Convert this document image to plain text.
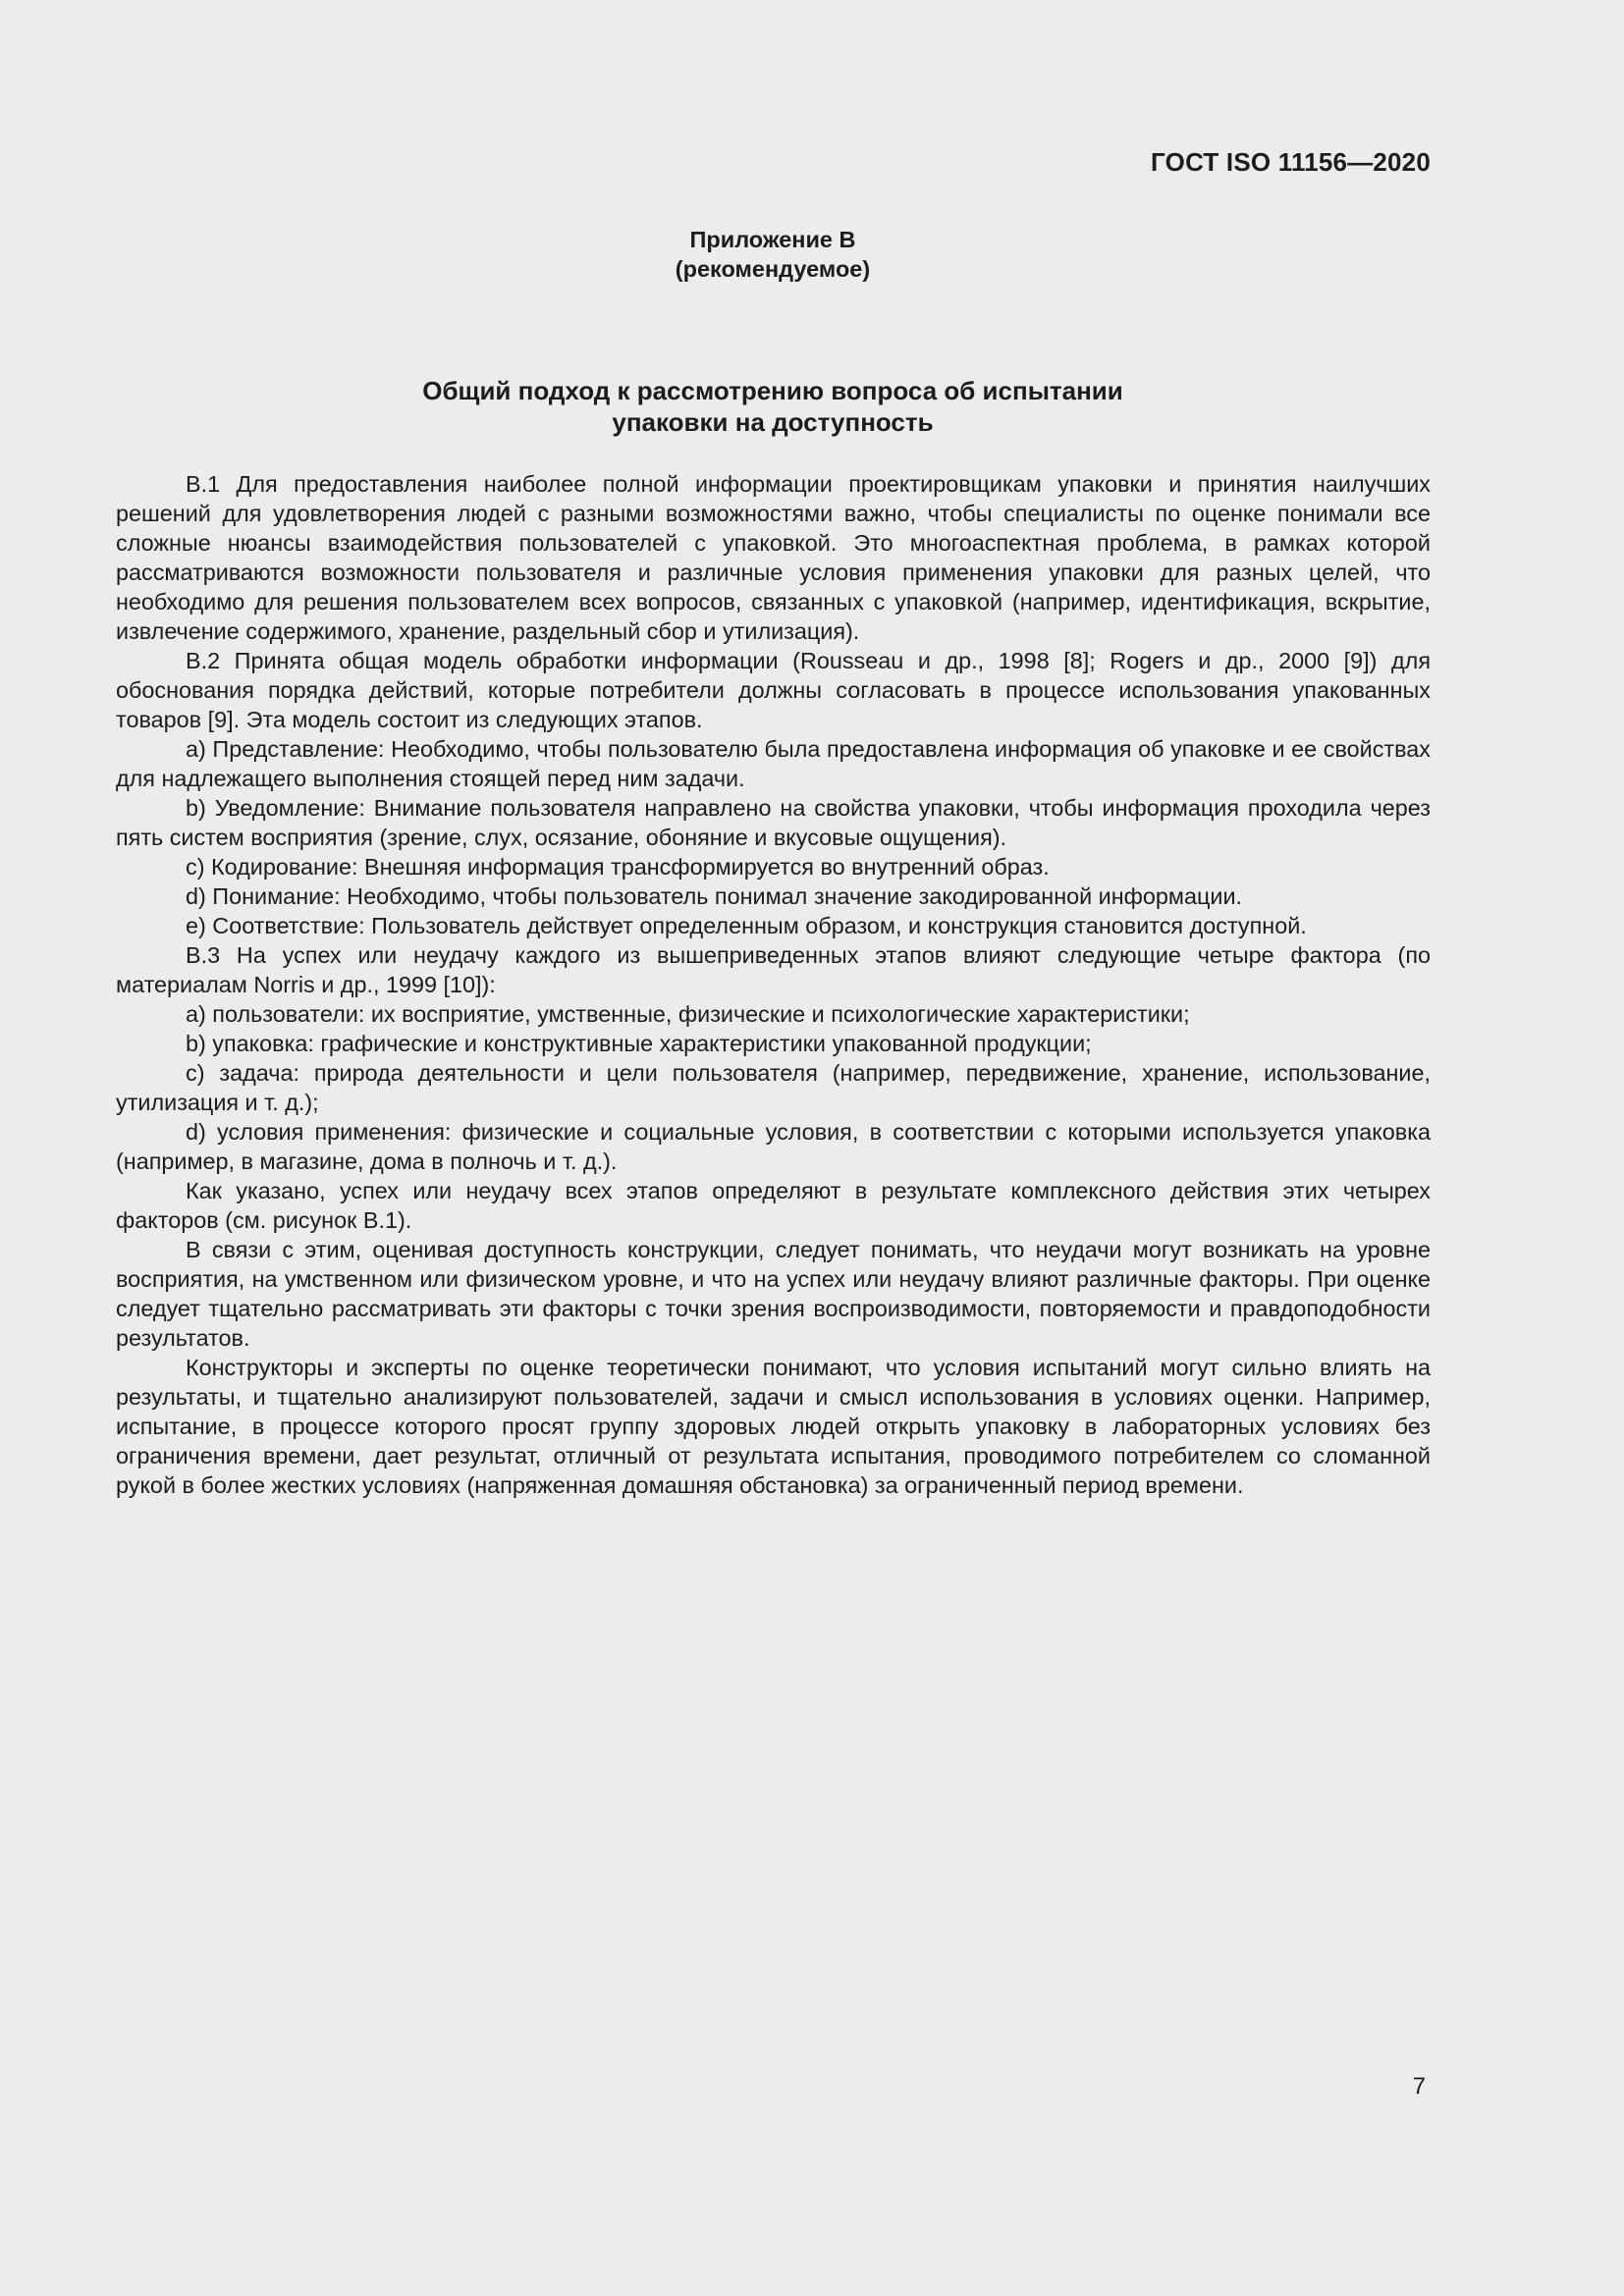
ГОСТ ISO 11156—2020
Приложение В
(рекомендуемое)
Общий подход к рассмотрению вопроса об испытании
упаковки на доступность

В.1 Для предоставления наиболее полной информации проектировщикам упаковки и принятия наилучших решений для удовлетворения людей с разными возможностями важно, чтобы специалисты по оценке понимали все сложные нюансы взаимодействия пользователей с упаковкой. Это многоаспектная проблема, в рамках которой рассматриваются возможности пользователя и различные условия применения упаковки для разных целей, что необходимо для решения пользователем всех вопросов, связанных с упаковкой (например, идентификация, вскрытие, извлечение содержимого, хранение, раздельный сбор и утилизация).

В.2 Принята общая модель обработки информации (Rousseau и др., 1998 [8]; Rogers и др., 2000 [9]) для обоснования порядка действий, которые потребители должны согласовать в процессе использования упакованных товаров [9]. Эта модель состоит из следующих этапов.

a) Представление: Необходимо, чтобы пользователю была предоставлена информация об упаковке и ее свойствах для надлежащего выполнения стоящей перед ним задачи.

b) Уведомление: Внимание пользователя направлено на свойства упаковки, чтобы информация проходила через пять систем восприятия (зрение, слух, осязание, обоняние и вкусовые ощущения).

c) Кодирование: Внешняя информация трансформируется во внутренний образ.

d) Понимание: Необходимо, чтобы пользователь понимал значение закодированной информации.

e) Соответствие: Пользователь действует определенным образом, и конструкция становится доступной.

В.3 На успех или неудачу каждого из вышеприведенных этапов влияют следующие четыре фактора (по материалам Norris и др., 1999 [10]):

a) пользователи: их восприятие, умственные, физические и психологические характеристики;

b) упаковка: графические и конструктивные характеристики упакованной продукции;

c) задача: природа деятельности и цели пользователя (например, передвижение, хранение, использование, утилизация и т. д.);

d) условия применения: физические и социальные условия, в соответствии с которыми используется упаковка (например, в магазине, дома в полночь и т. д.).

Как указано, успех или неудачу всех этапов определяют в результате комплексного действия этих четырех факторов (см. рисунок В.1).

В связи с этим, оценивая доступность конструкции, следует понимать, что неудачи могут возникать на уровне восприятия, на умственном или физическом уровне, и что на успех или неудачу влияют различные факторы. При оценке следует тщательно рассматривать эти факторы с точки зрения воспроизводимости, повторяемости и правдоподобности результатов.

Конструкторы и эксперты по оценке теоретически понимают, что условия испытаний могут сильно влиять на результаты, и тщательно анализируют пользователей, задачи и смысл использования в условиях оценки. Например, испытание, в процессе которого просят группу здоровых людей открыть упаковку в лабораторных условиях без ограничения времени, дает результат, отличный от результата испытания, проводимого потребителем со сломанной рукой в более жестких условиях (напряженная домашняя обстановка) за ограниченный период времени.

7
